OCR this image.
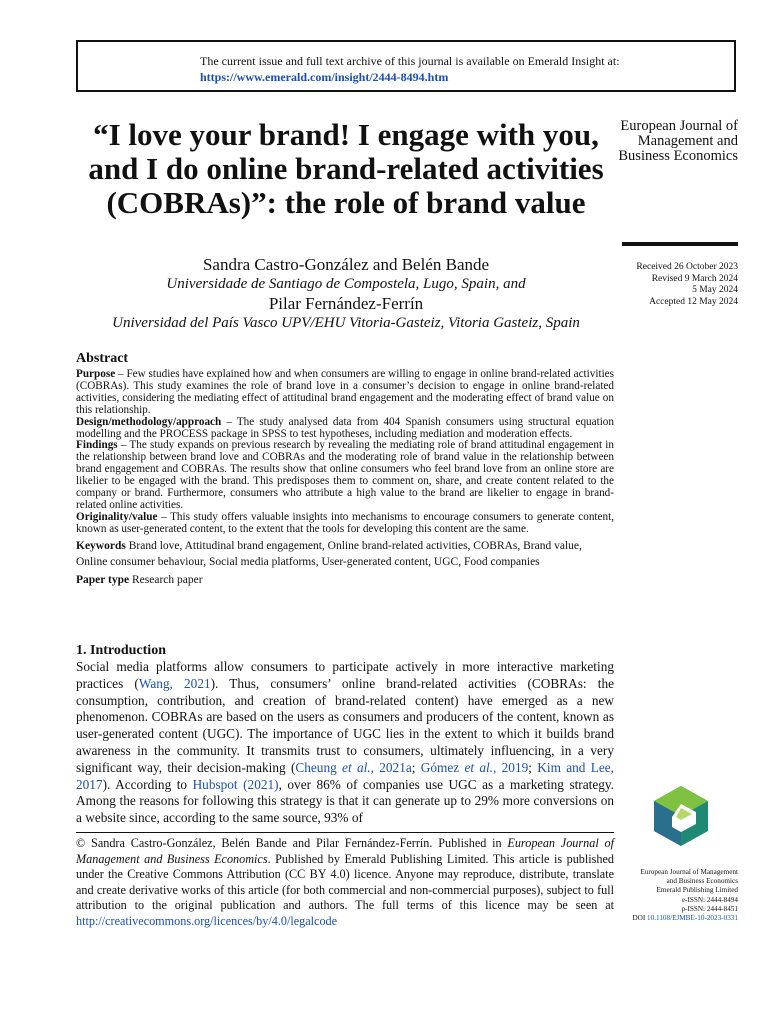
The current issue and full text archive of this journal is available on Emerald Insight at:
https://www.emerald.com/insight/2444-8494.htm
“I love your brand! I engage with you, and I do online brand-related activities (COBRAs)”: the role of brand value
European Journal of Management and Business Economics
Received 26 October 2023
Revised 9 March 2024
5 May 2024
Accepted 12 May 2024
Sandra Castro-González and Belén Bande
Universidade de Santiago de Compostela, Lugo, Spain, and
Pilar Fernández-Ferrín
Universidad del País Vasco UPV/EHU Vitoria-Gasteiz, Vitoria Gasteiz, Spain
Abstract

Purpose – Few studies have explained how and when consumers are willing to engage in online brand-related activities (COBRAs). This study examines the role of brand love in a consumer’s decision to engage in online brand-related activities, considering the mediating effect of attitudinal brand engagement and the moderating effect of brand value on this relationship.

Design/methodology/approach – The study analysed data from 404 Spanish consumers using structural equation modelling and the PROCESS package in SPSS to test hypotheses, including mediation and moderation effects.

Findings – The study expands on previous research by revealing the mediating role of brand attitudinal engagement in the relationship between brand love and COBRAs and the moderating role of brand value in the relationship between brand engagement and COBRAs. The results show that online consumers who feel brand love from an online store are likelier to be engaged with the brand. This predisposes them to comment on, share, and create content related to the company or brand. Furthermore, consumers who attribute a high value to the brand are likelier to engage in brand-related online activities.

Originality/value – This study offers valuable insights into mechanisms to encourage consumers to generate content, known as user-generated content, to the extent that the tools for developing this content are the same.

Keywords Brand love, Attitudinal brand engagement, Online brand-related activities, COBRAs, Brand value, Online consumer behaviour, Social media platforms, User-generated content, UGC, Food companies

Paper type Research paper

1. Introduction

Social media platforms allow consumers to participate actively in more interactive marketing practices (Wang, 2021). Thus, consumers’ online brand-related activities (COBRAs: the consumption, contribution, and creation of brand-related content) have emerged as a new phenomenon. COBRAs are based on the users as consumers and producers of the content, known as user-generated content (UGC). The importance of UGC lies in the extent to which it builds brand awareness in the community. It transmits trust to consumers, ultimately influencing, in a very significant way, their decision-making (Cheung et al., 2021a; Gómez et al., 2019; Kim and Lee, 2017). According to Hubspot (2021), over 86% of companies use UGC as a marketing strategy. Among the reasons for following this strategy is that it can generate up to 29% more conversions on a website since, according to the same source, 93% of

© Sandra Castro-González, Belén Bande and Pilar Fernández-Ferrín. Published in European Journal of Management and Business Economics. Published by Emerald Publishing Limited. This article is published under the Creative Commons Attribution (CC BY 4.0) licence. Anyone may reproduce, distribute, translate and create derivative works of this article (for both commercial and non-commercial purposes), subject to full attribution to the original publication and authors. The full terms of this licence may be seen at http://creativecommons.org/licences/by/4.0/legalcode
European Journal of Management
and Business Economics
Emerald Publishing Limited
e-ISSN: 2444-8494
p-ISSN: 2444-8451
DOI 10.1108/EJMBE-10-2023-0331
